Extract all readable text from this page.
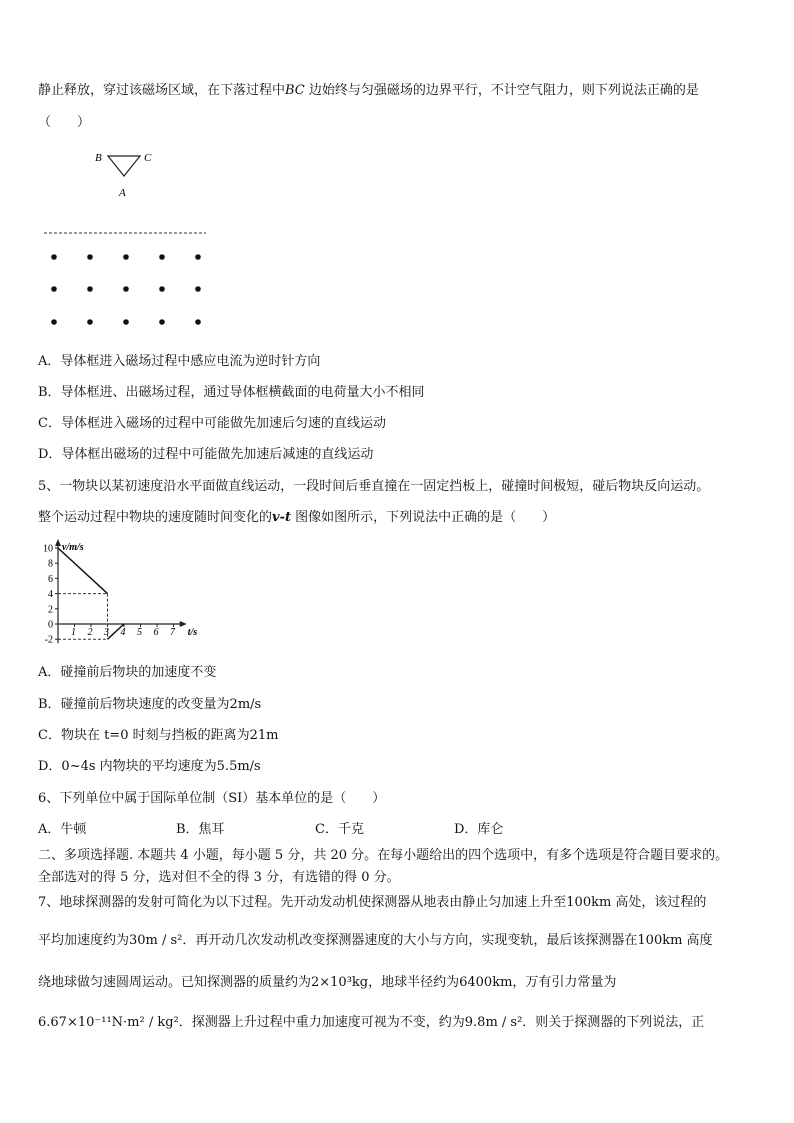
静止释放，穿过该磁场区域，在下落过程中BC 边始终与匀强磁场的边界平行，不计空气阻力，则下列说法正确的是
（　　）
B	C
A
A．导体框进入磁场过程中感应电流为逆时针方向
B．导体框进、出磁场过程，通过导体框横截面的电荷量大小不相同
C．导体框进入磁场的过程中可能做先加速后匀速的直线运动
D．导体框出磁场的过程中可能做先加速后减速的直线运动
5、一物块以某初速度沿水平面做直线运动，一段时间后垂直撞在一固定挡板上，碰撞时间极短，碰后物块反向运动。
整个运动过程中物块的速度随时间变化的v-t 图像如图所示，下列说法中正确的是（　　）
10
8
6
4
2
0
-2
1 2 3 4 5 6 7
v/m/s
t/s
A．碰撞前后物块的加速度不变
B．碰撞前后物块速度的改变量为2m/s
C．物块在 t=0 时刻与挡板的距离为21m
D．0~4s 内物块的平均速度为5.5m/s
6、下列单位中属于国际单位制（SI）基本单位的是（　　）
A．牛顿	B．焦耳	C．千克	D．库仑
二、多项选择题. 本题共 4 小题，每小题 5 分，共 20 分。在每小题给出的四个选项中，有多个选项是符合题目要求的。
全部选对的得 5 分，选对但不全的得 3 分，有选错的得 0 分。
7、地球探测器的发射可简化为以下过程。先开动发动机使探测器从地表由静止匀加速上升至100km 高处，该过程的
平均加速度约为30m / s²．再开动几次发动机改变探测器速度的大小与方向，实现变轨，最后该探测器在100km 高度
绕地球做匀速圆周运动。已知探测器的质量约为2×10³kg，地球半径约为6400km，万有引力常量为
6.67×10⁻¹¹N·m² / kg²．探测器上升过程中重力加速度可视为不变，约为9.8m / s²．则关于探测器的下列说法，正
